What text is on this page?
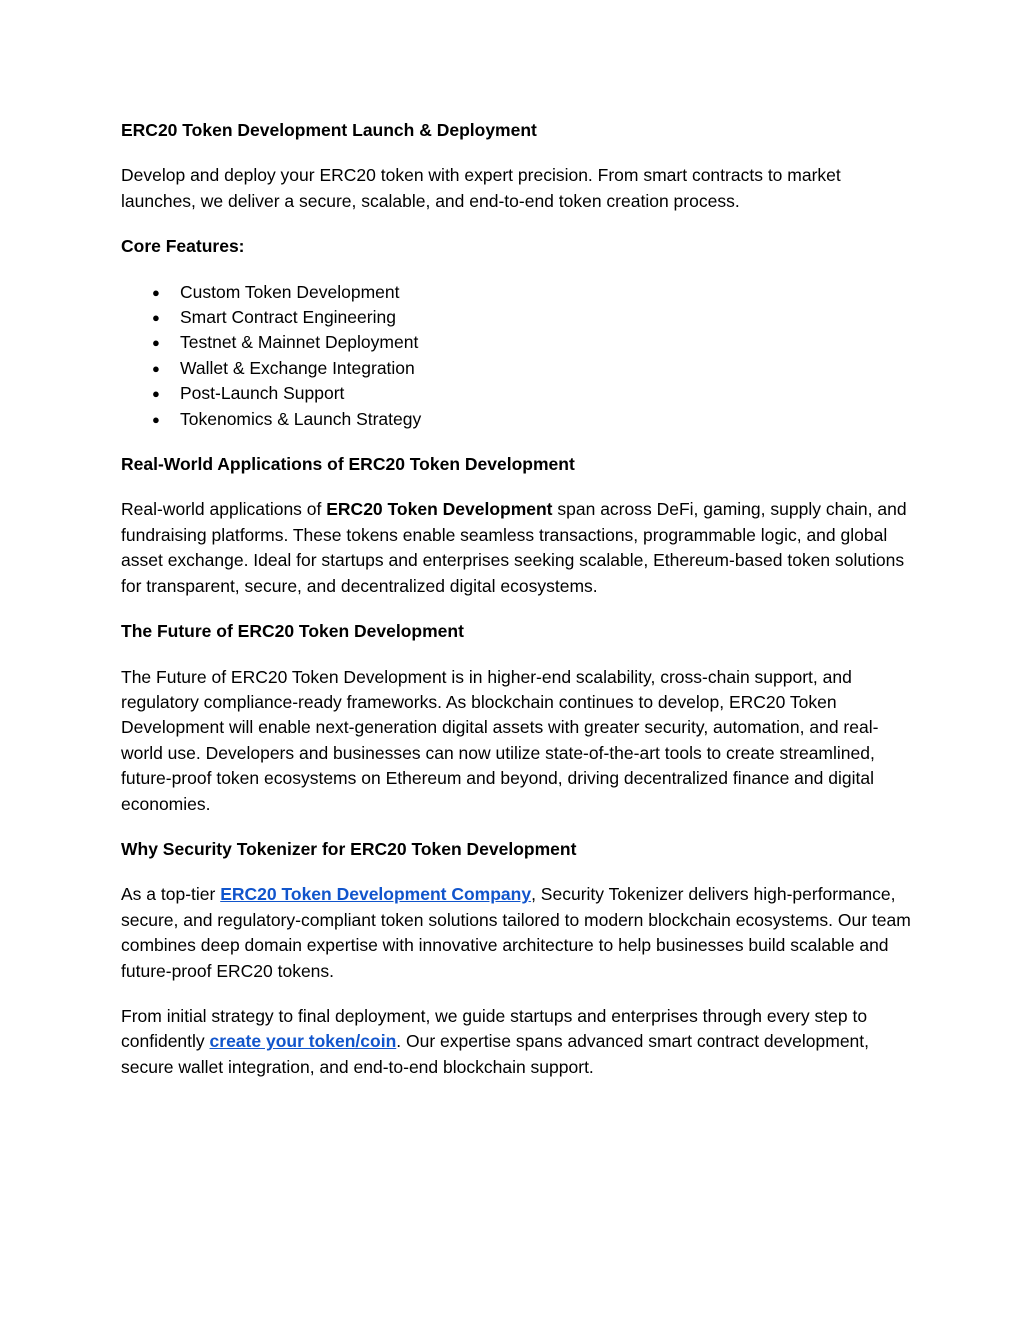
ERC20 Token Development Launch & Deployment

Develop and deploy your ERC20 token with expert precision. From smart contracts to market launches, we deliver a secure, scalable, and end-to-end token creation process.

Core Features:

● Custom Token Development
● Smart Contract Engineering
● Testnet & Mainnet Deployment
● Wallet & Exchange Integration
● Post-Launch Support
● Tokenomics & Launch Strategy

Real-World Applications of ERC20 Token Development

Real-world applications of ERC20 Token Development span across DeFi, gaming, supply chain, and fundraising platforms. These tokens enable seamless transactions, programmable logic, and global asset exchange. Ideal for startups and enterprises seeking scalable, Ethereum-based token solutions for transparent, secure, and decentralized digital ecosystems.

The Future of ERC20 Token Development

The Future of ERC20 Token Development is in higher-end scalability, cross-chain support, and regulatory compliance-ready frameworks. As blockchain continues to develop, ERC20 Token Development will enable next-generation digital assets with greater security, automation, and real-world use. Developers and businesses can now utilize state-of-the-art tools to create streamlined, future-proof token ecosystems on Ethereum and beyond, driving decentralized finance and digital economies.

Why Security Tokenizer for ERC20 Token Development

As a top-tier ERC20 Token Development Company, Security Tokenizer delivers high-performance, secure, and regulatory-compliant token solutions tailored to modern blockchain ecosystems. Our team combines deep domain expertise with innovative architecture to help businesses build scalable and future-proof ERC20 tokens.

From initial strategy to final deployment, we guide startups and enterprises through every step to confidently create your token/coin. Our expertise spans advanced smart contract development, secure wallet integration, and end-to-end blockchain support.
